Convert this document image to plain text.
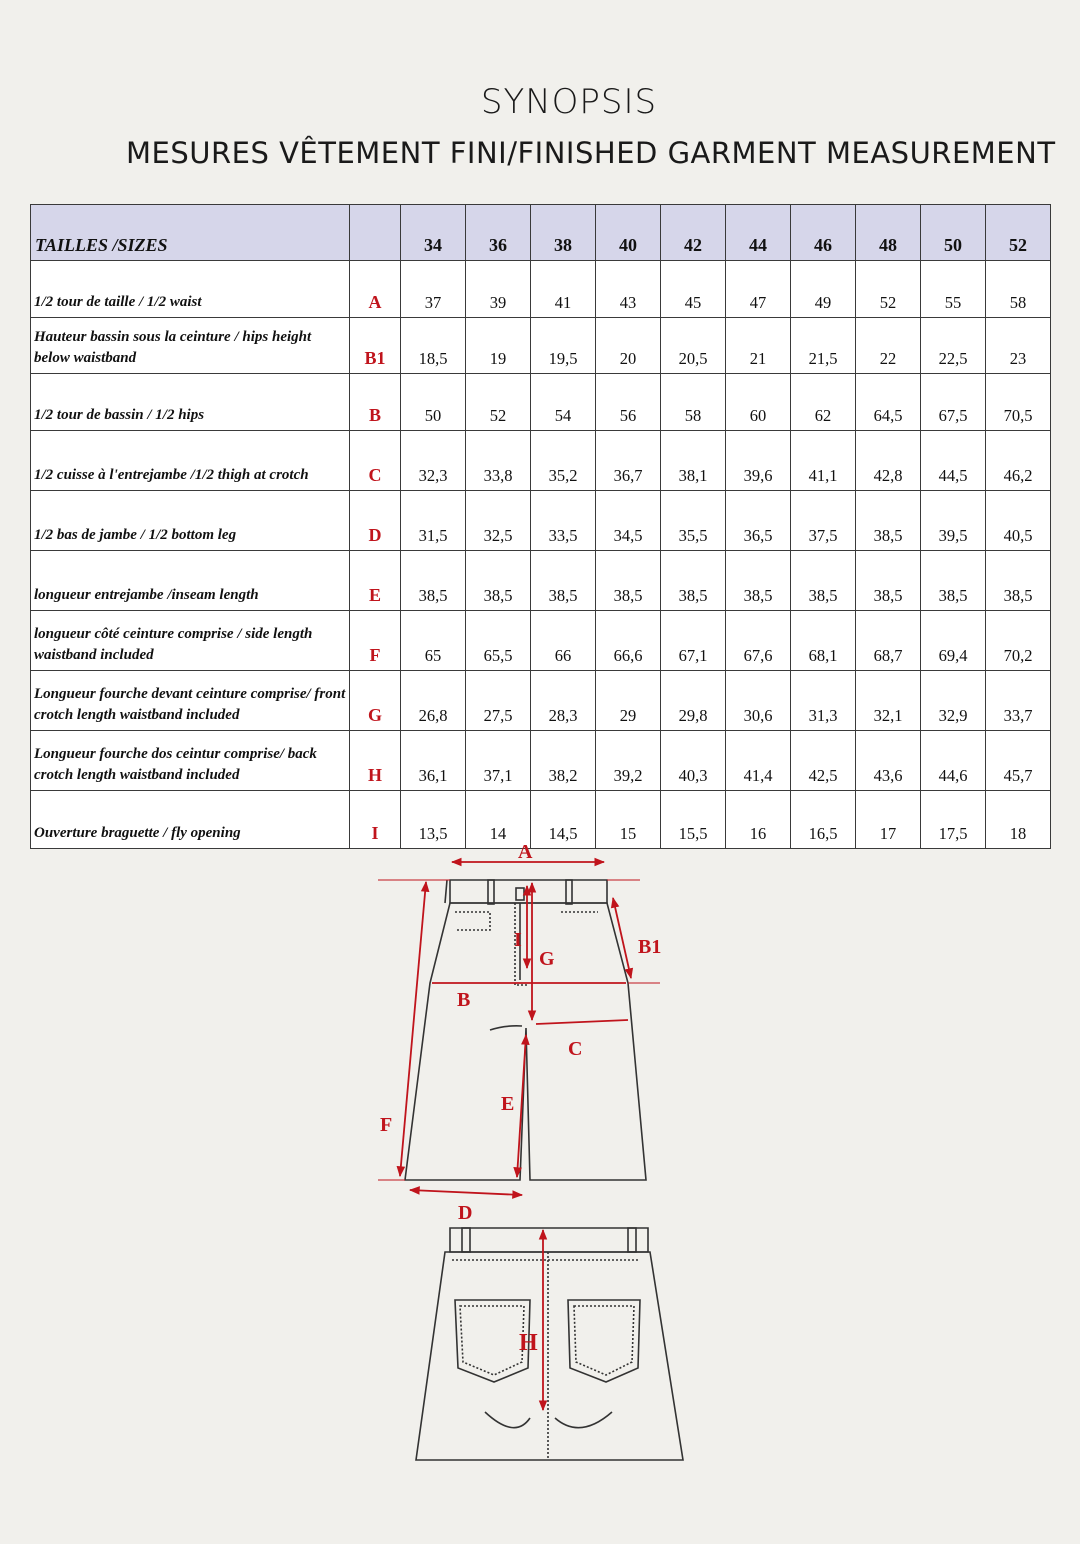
SYNOPSIS
MESURES VÊTEMENT FINI/FINISHED GARMENT MEASUREMENT
TAILLES /SIZES		34	36	38	40	42	44	46	48	50	52
1/2 tour de taille / 1/2 waist	A	37	39	41	43	45	47	49	52	55	58
Hauteur bassin sous la ceinture / hips height below waistband	B1	18,5	19	19,5	20	20,5	21	21,5	22	22,5	23
1/2 tour de bassin / 1/2 hips	B	50	52	54	56	58	60	62	64,5	67,5	70,5
1/2 cuisse à l'entrejambe /1/2 thigh at crotch	C	32,3	33,8	35,2	36,7	38,1	39,6	41,1	42,8	44,5	46,2
1/2 bas de jambe / 1/2 bottom leg	D	31,5	32,5	33,5	34,5	35,5	36,5	37,5	38,5	39,5	40,5
longueur entrejambe /inseam length	E	38,5	38,5	38,5	38,5	38,5	38,5	38,5	38,5	38,5	38,5
longueur côté ceinture comprise / side length waistband included	F	65	65,5	66	66,6	67,1	67,6	68,1	68,7	69,4	70,2
Longueur fourche devant ceinture comprise/ front crotch length waistband included	G	26,8	27,5	28,3	29	29,8	30,6	31,3	32,1	32,9	33,7
Longueur fourche dos ceintur comprise/ back crotch length waistband included	H	36,1	37,1	38,2	39,2	40,3	41,4	42,5	43,6	44,6	45,7
Ouverture braguette / fly opening	I	13,5	14	14,5	15	15,5	16	16,5	17	17,5	18
A
B1
I
G
B
C
E
F
D
H
